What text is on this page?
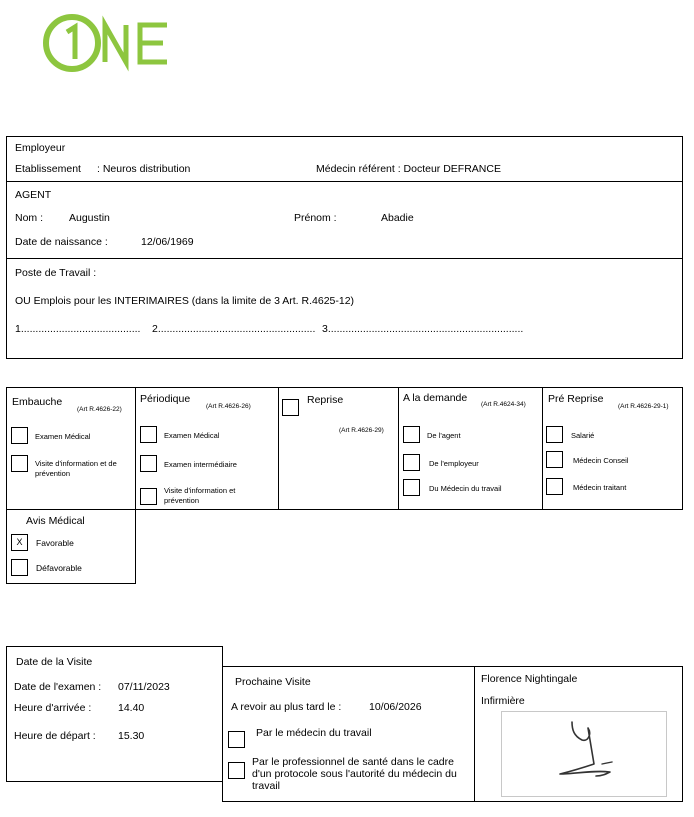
Employeur
Etablissement : Neuros distribution	Médecin référent : Docteur DEFRANCE
AGENT
Nom : Augustin	Prénom :	Abadie
Date de naissance :	12/06/1969
Poste de Travail :
OU Emplois pour les INTERIMAIRES (dans la limite de 3 Art. R.4625-12)
1......................................... 2...................................................... 3...................................................................
Embauche
(Art R.4626-22)
Examen Médical
Visite d'information et de prévention
Périodique
(Art R.4626-26)
Examen Médical
Examen intermédiaire
Visite d'information et prévention
Reprise
(Art R.4626-29)
A la demande
(Art R.4624-34)
De l'agent
De l'employeur
Du Médecin du travail
Pré Reprise
(Art R.4626-29-1)
Salarié
Médecin Conseil
Médecin traitant
Avis Médical
X	Favorable
Défavorable
Date de la Visite
Date de l'examen : 07/11/2023
Heure d'arrivée :	14.40
Heure de départ : 15.30
Prochaine Visite
A revoir au plus tard le :	10/06/2026
Par le médecin du travail
Par le professionnel de santé dans le cadre d'un protocole sous l'autorité du médecin du travail
Florence Nightingale
Infirmière
